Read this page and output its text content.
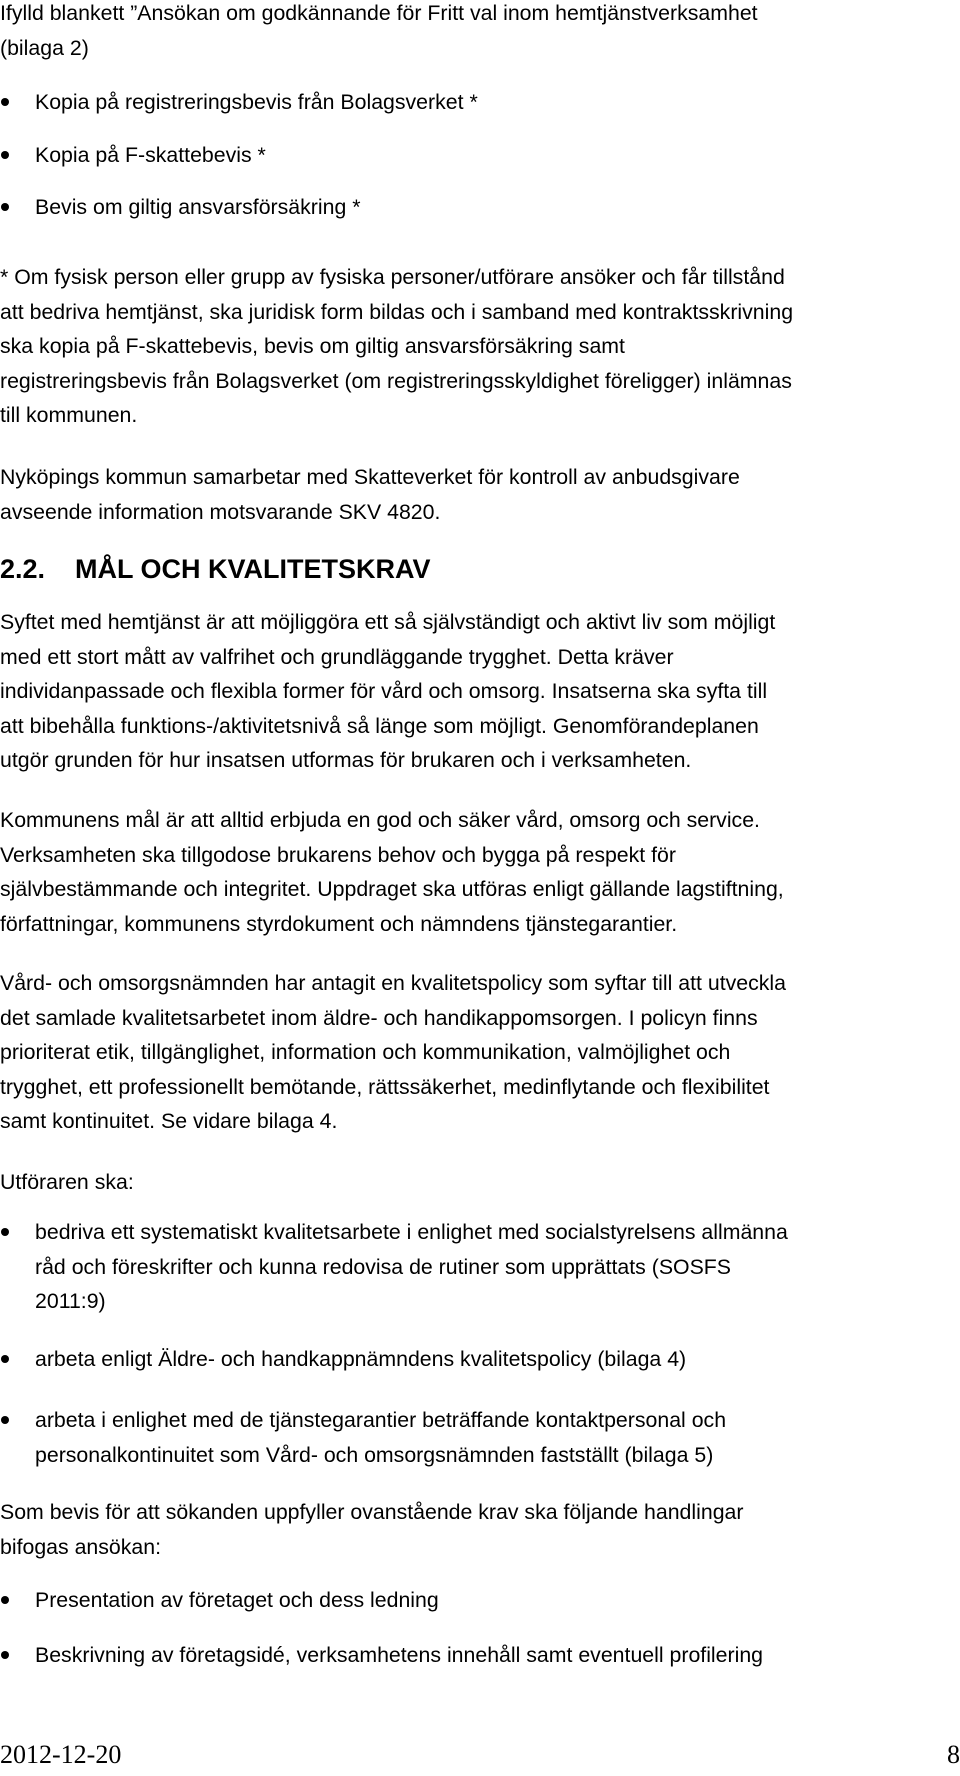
Ifylld blankett ”Ansökan om godkännande för Fritt val inom hemtjänstverksamhet
(bilaga 2)

Kopia på registreringsbevis från Bolagsverket *
Kopia på F-skattebevis *
Bevis om giltig ansvarsförsäkring *

* Om fysisk person eller grupp av fysiska personer/utförare ansöker och får tillstånd
att bedriva hemtjänst, ska juridisk form bildas och i samband med kontraktsskrivning
ska kopia på F-skattebevis, bevis om giltig ansvarsförsäkring samt
registreringsbevis från Bolagsverket (om registreringsskyldighet föreligger) inlämnas
till kommunen.

Nyköpings kommun samarbetar med Skatteverket för kontroll av anbudsgivare
avseende information motsvarande SKV 4820.

2.2. MÅL OCH KVALITETSKRAV

Syftet med hemtjänst är att möjliggöra ett så självständigt och aktivt liv som möjligt
med ett stort mått av valfrihet och grundläggande trygghet. Detta kräver
individanpassade och flexibla former för vård och omsorg. Insatserna ska syfta till
att bibehålla funktions-/aktivitetsnivå så länge som möjligt. Genomförandeplanen
utgör grunden för hur insatsen utformas för brukaren och i verksamheten.

Kommunens mål är att alltid erbjuda en god och säker vård, omsorg och service.
Verksamheten ska tillgodose brukarens behov och bygga på respekt för
självbestämmande och integritet. Uppdraget ska utföras enligt gällande lagstiftning,
författningar, kommunens styrdokument och nämndens tjänstegarantier.

Vård- och omsorgsnämnden har antagit en kvalitetspolicy som syftar till att utveckla
det samlade kvalitetsarbetet inom äldre- och handikappomsorgen. I policyn finns
prioriterat etik, tillgänglighet, information och kommunikation, valmöjlighet och
trygghet, ett professionellt bemötande, rättssäkerhet, medinflytande och flexibilitet
samt kontinuitet. Se vidare bilaga 4.

Utföraren ska:

bedriva ett systematiskt kvalitetsarbete i enlighet med socialstyrelsens allmänna
råd och föreskrifter och kunna redovisa de rutiner som upprättats (SOSFS
2011:9)
arbeta enligt Äldre- och handkappnämndens kvalitetspolicy (bilaga 4)
arbeta i enlighet med de tjänstegarantier beträffande kontaktpersonal och
personalkontinuitet som Vård- och omsorgsnämnden fastställt (bilaga 5)

Som bevis för att sökanden uppfyller ovanstående krav ska följande handlingar
bifogas ansökan:

Presentation av företaget och dess ledning
Beskrivning av företagsidé, verksamhetens innehåll samt eventuell profilering
2012-12-20	8
